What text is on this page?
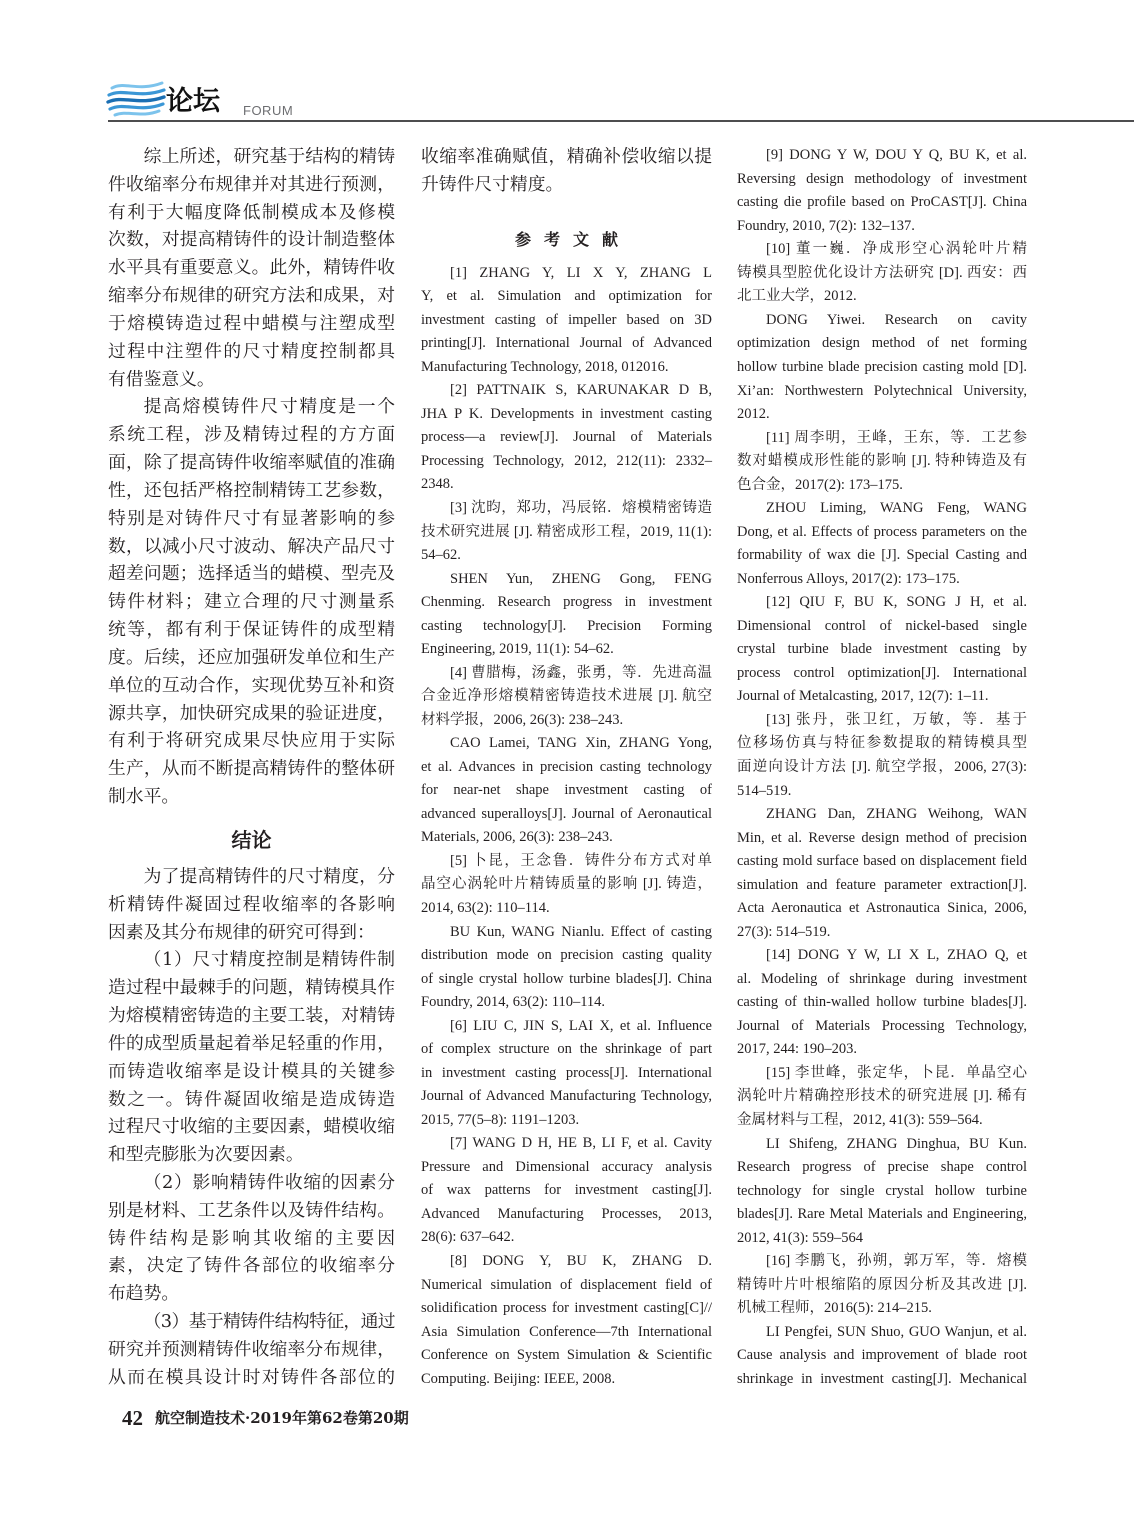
论坛 FORUM
综上所述，研究基于结构的精铸
件收缩率分布规律并对其进行预测，
有利于大幅度降低制模成本及修模
次数，对提高精铸件的设计制造整体
水平具有重要意义。此外，精铸件收
缩率分布规律的研究方法和成果，对
于熔模铸造过程中蜡模与注塑成型
过程中注塑件的尺寸精度控制都具
有借鉴意义。
提高熔模铸件尺寸精度是一个
系统工程，涉及精铸过程的方方面
面，除了提高铸件收缩率赋值的准确
性，还包括严格控制精铸工艺参数，
特别是对铸件尺寸有显著影响的参
数，以减小尺寸波动、解决产品尺寸
超差问题；选择适当的蜡模、型壳及
铸件材料；建立合理的尺寸测量系
统等，都有利于保证铸件的成型精
度。后续，还应加强研发单位和生产
单位的互动合作，实现优势互补和资
源共享，加快研究成果的验证进度，
有利于将研究成果尽快应用于实际
生产，从而不断提高精铸件的整体研
制水平。
结论
为了提高精铸件的尺寸精度，分
析精铸件凝固过程收缩率的各影响
因素及其分布规律的研究可得到：
（1）尺寸精度控制是精铸件制
造过程中最棘手的问题，精铸模具作
为熔模精密铸造的主要工装，对精铸
件的成型质量起着举足轻重的作用，
而铸造收缩率是设计模具的关键参
数之一。铸件凝固收缩是造成铸造
过程尺寸收缩的主要因素，蜡模收缩
和型壳膨胀为次要因素。
（2）影响精铸件收缩的因素分
别是材料、工艺条件以及铸件结构。
铸件结构是影响其收缩的主要因
素，决定了铸件各部位的收缩率分
布趋势。
（3）基于精铸件结构特征，通过
研究并预测精铸件收缩率分布规律，
从而在模具设计时对铸件各部位的
收缩率准确赋值，精确补偿收缩以提
升铸件尺寸精度。
参考文献
[1] ZHANG Y, LI X Y, ZHANG L
Y, et al. Simulation and optimization for
investment casting of impeller based on 3D
printing[J]. International Journal of Advanced
Manufacturing Technology, 2018, 012016.
[2] PATTNAIK S, KARUNAKAR D B,
JHA P K. Developments in investment casting
process—a review[J]. Journal of Materials
Processing Technology, 2012, 212(11): 2332–
2348.
[3] 沈昀，郑功，冯辰铭．熔模精密铸造
技术研究进展 [J]. 精密成形工程，2019, 11(1):
54–62.
SHEN Yun, ZHENG Gong, FENG
Chenming. Research progress in investment
casting technology[J]. Precision Forming
Engineering, 2019, 11(1): 54–62.
[4] 曹腊梅，汤鑫，张勇，等．先进高温
合金近净形熔模精密铸造技术进展 [J]. 航空
材料学报，2006, 26(3): 238–243.
CAO Lamei, TANG Xin, ZHANG Yong,
et al. Advances in precision casting technology
for near-net shape investment casting of
advanced superalloys[J]. Journal of Aeronautical
Materials, 2006, 26(3): 238–243.
[5] 卜昆，王念鲁．铸件分布方式对单
晶空心涡轮叶片精铸质量的影响 [J]. 铸造，
2014, 63(2): 110–114.
BU Kun, WANG Nianlu. Effect of casting
distribution mode on precision casting quality
of single crystal hollow turbine blades[J]. China
Foundry, 2014, 63(2): 110–114.
[6] LIU C, JIN S, LAI X, et al. Influence
of complex structure on the shrinkage of part
in investment casting process[J]. International
Journal of Advanced Manufacturing Technology,
2015, 77(5–8): 1191–1203.
[7] WANG D H, HE B, LI F, et al. Cavity
Pressure and Dimensional accuracy analysis
of wax patterns for investment casting[J].
Advanced Manufacturing Processes, 2013,
28(6): 637–642.
[8] DONG Y, BU K, ZHANG D.
Numerical simulation of displacement field of
solidification process for investment casting[C]//
Asia Simulation Conference—7th International
Conference on System Simulation & Scientific
Computing. Beijing: IEEE, 2008.
[9] DONG Y W, DOU Y Q, BU K, et al.
Reversing design methodology of investment
casting die profile based on ProCAST[J]. China
Foundry, 2010, 7(2): 132–137.
[10] 董一巍．净成形空心涡轮叶片精
铸模具型腔优化设计方法研究 [D]. 西安：西
北工业大学，2012.
DONG Yiwei. Research on cavity
optimization design method of net forming
hollow turbine blade precision casting mold [D].
Xi’an: Northwestern Polytechnical University,
2012.
[11] 周李明，王峰，王东，等．工艺参
数对蜡模成形性能的影响 [J]. 特种铸造及有
色合金，2017(2): 173–175.
ZHOU Liming, WANG Feng, WANG
Dong, et al. Effects of process parameters on the
formability of wax die [J]. Special Casting and
Nonferrous Alloys, 2017(2): 173–175.
[12] QIU F, BU K, SONG J H, et al.
Dimensional control of nickel-based single
crystal turbine blade investment casting by
process control optimization[J]. International
Journal of Metalcasting, 2017, 12(7): 1–11.
[13] 张丹，张卫红，万敏，等．基于
位移场仿真与特征参数提取的精铸模具型
面逆向设计方法 [J]. 航空学报，2006, 27(3):
514–519.
ZHANG Dan, ZHANG Weihong, WAN
Min, et al. Reverse design method of precision
casting mold surface based on displacement field
simulation and feature parameter extraction[J].
Acta Aeronautica et Astronautica Sinica, 2006,
27(3): 514–519.
[14] DONG Y W, LI X L, ZHAO Q, et
al. Modeling of shrinkage during investment
casting of thin-walled hollow turbine blades[J].
Journal of Materials Processing Technology,
2017, 244: 190–203.
[15] 李世峰，张定华，卜昆．单晶空心
涡轮叶片精确控形技术的研究进展 [J]. 稀有
金属材料与工程，2012, 41(3): 559–564.
LI Shifeng, ZHANG Dinghua, BU Kun.
Research progress of precise shape control
technology for single crystal hollow turbine
blades[J]. Rare Metal Materials and Engineering,
2012, 41(3): 559–564
[16] 李鹏飞，孙朔，郭万军，等．熔模
精铸叶片叶根缩陷的原因分析及其改进 [J].
机械工程师，2016(5): 214–215.
LI Pengfei, SUN Shuo, GUO Wanjun, et al.
Cause analysis and improvement of blade root
shrinkage in investment casting[J]. Mechanical
42 航空制造技术·2019年第62卷第20期
